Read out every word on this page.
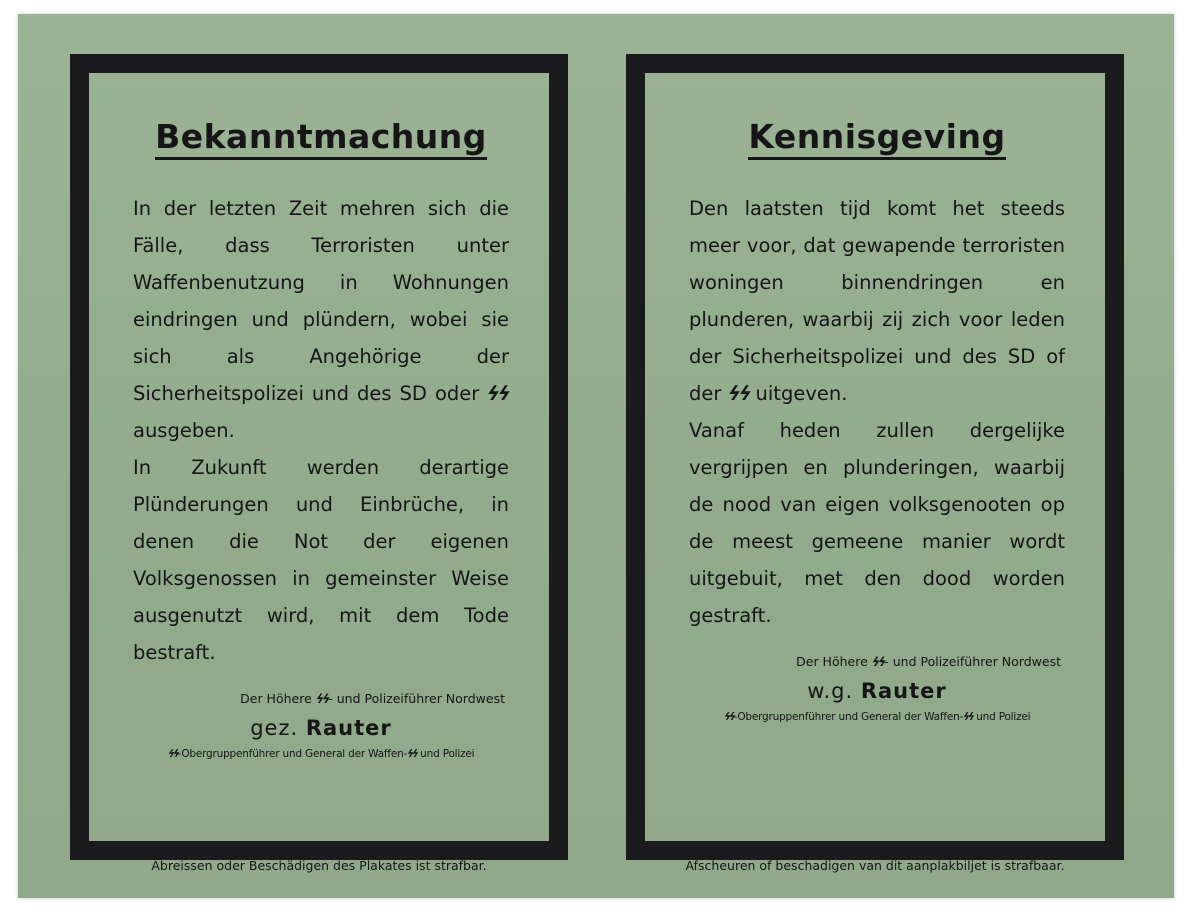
Bekanntmachung

In der letzten Zeit mehren sich die Fälle, dass Terroristen unter Waffenbenutzung in Wohnungen eindringen und plündern, wobei sie sich als Angehörige der Sicherheitspolizei und des SD oder ϟϟ ausgeben.

In Zukunft werden derartige Plünderungen und Einbrüche, in denen die Not der eigenen Volksgenossen in gemeinster Weise ausgenutzt wird, mit dem Tode bestraft.

Der Höhere ϟϟ- und Polizeiführer Nordwest
gez. Rauter
ϟϟ-Obergruppenführer und General der Waffen-ϟϟ und Polizei
Abreissen oder Beschädigen des Plakates ist strafbar.
Kennisgeving

Den laatsten tijd komt het steeds meer voor, dat gewapende terroristen woningen binnendringen en plunderen, waarbij zij zich voor leden der Sicherheitspolizei und des SD of der ϟϟ uitgeven.

Vanaf heden zullen dergelijke vergrijpen en plunderingen, waarbij de nood van eigen volksgenooten op de meest gemeene manier wordt uitgebuit, met den dood worden gestraft.

Der Höhere ϟϟ- und Polizeiführer Nordwest
w.g. Rauter
ϟϟ-Obergruppenführer und General der Waffen-ϟϟ und Polizei
Afscheuren of beschadigen van dit aanplakbiljet is strafbaar.
